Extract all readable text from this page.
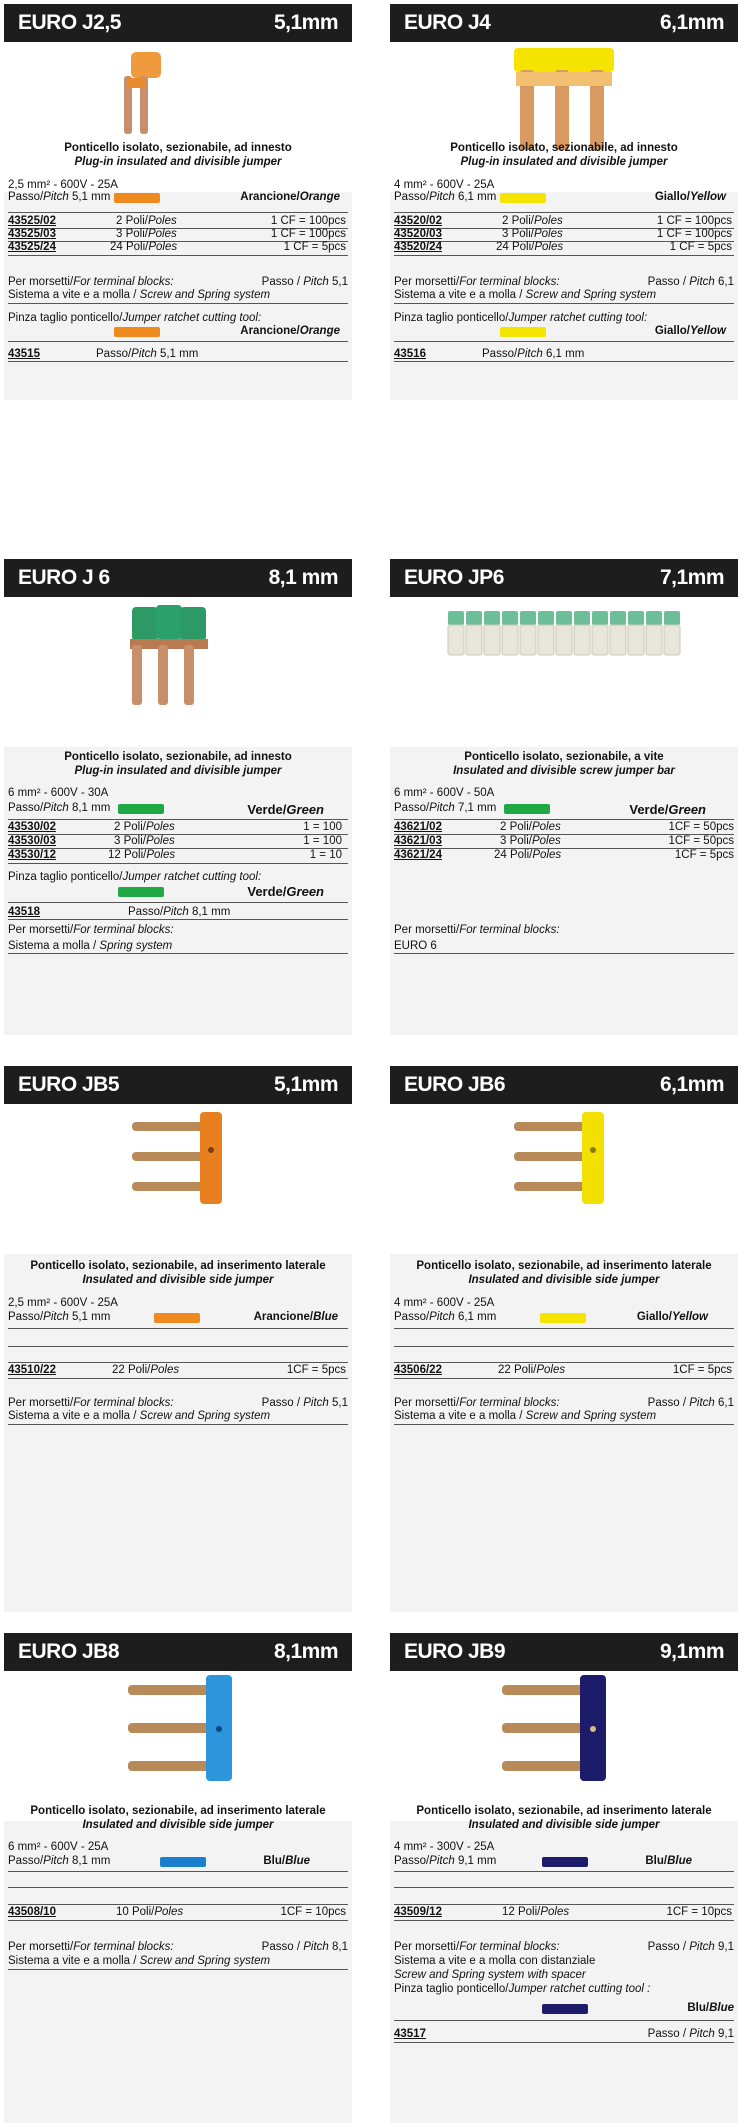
EURO J2,5	5,1mm
Ponticello isolato, sezionabile, ad innesto
Plug-in insulated and divisible jumper
2,5 mm² - 600V - 25A
Passo/Pitch 5,1 mm	Arancione/Orange
43525/02	2 Poli/Poles	1 CF = 100pcs
43525/03	3 Poli/Poles	1 CF = 100pcs
43525/24	24 Poli/Poles	1 CF = 5pcs
Per morsetti/For terminal blocks:	Passo / Pitch 5,1
Sistema a vite e a molla / Screw and Spring system
Pinza taglio ponticello/Jumper ratchet cutting tool:
Arancione/Orange
43515	Passo/Pitch 5,1 mm
EURO J4	6,1mm
Ponticello isolato, sezionabile, ad innesto
Plug-in insulated and divisible jumper
4 mm² - 600V - 25A
Passo/Pitch 6,1 mm	Giallo/Yellow
43520/02	2 Poli/Poles	1 CF = 100pcs
43520/03	3 Poli/Poles	1 CF = 100pcs
43520/24	24 Poli/Poles	1 CF = 5pcs
Per morsetti/For terminal blocks:	Passo / Pitch 6,1
Sistema a vite e a molla / Screw and Spring system
Pinza taglio ponticello/Jumper ratchet cutting tool:
Giallo/Yellow
43516	Passo/Pitch 6,1 mm
EURO J 6	8,1 mm
Ponticello isolato, sezionabile, ad innesto
Plug-in insulated and divisible jumper
6 mm² - 600V - 30A
Passo/Pitch 8,1 mm	Verde/Green
43530/02	2 Poli/Poles	1 = 100
43530/03	3 Poli/Poles	1 = 100
43530/12	12 Poli/Poles	1 = 10
Pinza taglio ponticello/Jumper ratchet cutting tool:
Verde/Green
43518	Passo/Pitch 8,1 mm
Per morsetti/For terminal blocks:
Sistema a molla / Spring system
EURO JP6	7,1mm
Ponticello isolato, sezionabile, a vite
Insulated and divisible screw jumper bar
6 mm² - 600V - 50A
Passo/Pitch 7,1 mm	Verde/Green
43621/02	2 Poli/Poles	1CF = 50pcs
43621/03	3 Poli/Poles	1CF = 50pcs
43621/24	24 Poli/Poles	1CF = 5pcs
Per morsetti/For terminal blocks:
EURO 6
EURO JB5	5,1mm
Ponticello isolato, sezionabile, ad inserimento laterale
Insulated and divisible side jumper
2,5 mm² - 600V - 25A
Passo/Pitch 5,1 mm	Arancione/Blue
43510/22	22 Poli/Poles	1CF = 5pcs
Per morsetti/For terminal blocks:	Passo / Pitch 5,1
Sistema a vite e a molla / Screw and Spring system
EURO JB6	6,1mm
Ponticello isolato, sezionabile, ad inserimento laterale
Insulated and divisible side jumper
4 mm² - 600V - 25A
Passo/Pitch 6,1 mm	Giallo/Yellow
43506/22	22 Poli/Poles	1CF = 5pcs
Per morsetti/For terminal blocks:	Passo / Pitch 6,1
Sistema a vite e a molla / Screw and Spring system
EURO JB8	8,1mm
Ponticello isolato, sezionabile, ad inserimento laterale
Insulated and divisible side jumper
6 mm² - 600V - 25A
Passo/Pitch 8,1 mm	Blu/Blue
43508/10	10 Poli/Poles	1CF = 10pcs
Per morsetti/For terminal blocks:	Passo / Pitch 8,1
Sistema a vite e a molla / Screw and Spring system
EURO JB9	9,1mm
Ponticello isolato, sezionabile, ad inserimento laterale
Insulated and divisible side jumper
4 mm² - 300V - 25A
Passo/Pitch 9,1 mm	Blu/Blue
43509/12	12 Poli/Poles	1CF = 10pcs
Per morsetti/For terminal blocks:	Passo / Pitch 9,1
Sistema a vite e a molla con distanziale
Screw and Spring system with spacer
Pinza taglio ponticello/Jumper ratchet cutting tool :
Blu/Blue
43517	Passo / Pitch 9,1
